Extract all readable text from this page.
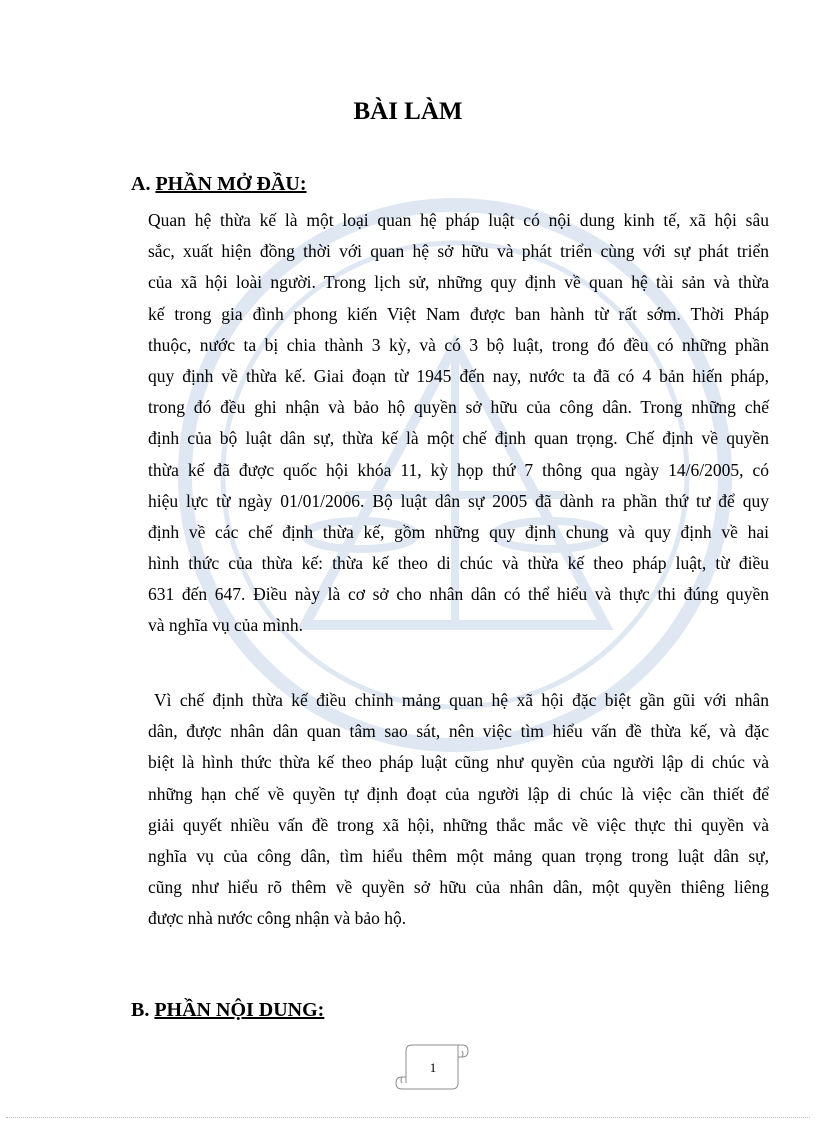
BÀI LÀM
A. PHẦN MỞ ĐẦU:
Quan hệ thừa kế là một loại quan hệ pháp luật có nội dung kinh tế, xã hội sâu
sắc, xuất hiện đồng thời với quan hệ sở hữu và phát triển cùng với sự phát triển
của xã hội loài người. Trong lịch sử, những quy định về quan hệ tài sản và thừa
kế trong gia đình phong kiến Việt Nam được ban hành từ rất sớm. Thời Pháp
thuộc, nước ta bị chia thành 3 kỳ, và có 3 bộ luật, trong đó đều có những phần
quy định về thừa kế. Giai đoạn từ 1945 đến nay, nước ta đã có 4 bản hiến pháp,
trong đó đều ghi nhận và bảo hộ quyền sở hữu của công dân. Trong những chế
định của bộ luật dân sự, thừa kế là một chế định quan trọng. Chế định về quyền
thừa kế đã được quốc hội khóa 11, kỳ họp thứ 7 thông qua ngày 14/6/2005, có
hiệu lực từ ngày 01/01/2006. Bộ luật dân sự 2005 đã dành ra phần thứ tư để quy
định về các chế định thừa kế, gồm những quy định chung và quy định về hai
hình thức của thừa kế: thừa kế theo di chúc và thừa kế theo pháp luật, từ điều
631 đến 647. Điều này là cơ sở cho nhân dân có thể hiểu và thực thi đúng quyền
và nghĩa vụ của mình.
Vì chế định thừa kế điều chỉnh mảng quan hệ xã hội đặc biệt gần gũi với nhân
dân, được nhân dân quan tâm sao sát, nên việc tìm hiểu vấn đề thừa kế, và đặc
biệt là hình thức thừa kế theo pháp luật cũng như quyền của người lập di chúc và
những hạn chế về quyền tự định đoạt của người lập di chúc là việc cần thiết để
giải quyết nhiều vấn đề trong xã hội, những thắc mắc về việc thực thi quyền và
nghĩa vụ của công dân, tìm hiểu thêm một mảng quan trọng trong luật dân sự,
cũng như hiểu rõ thêm về quyền sở hữu của nhân dân, một quyền thiêng liêng
được nhà nước công nhận và bảo hộ.
B. PHẦN NỘI DUNG:
1
